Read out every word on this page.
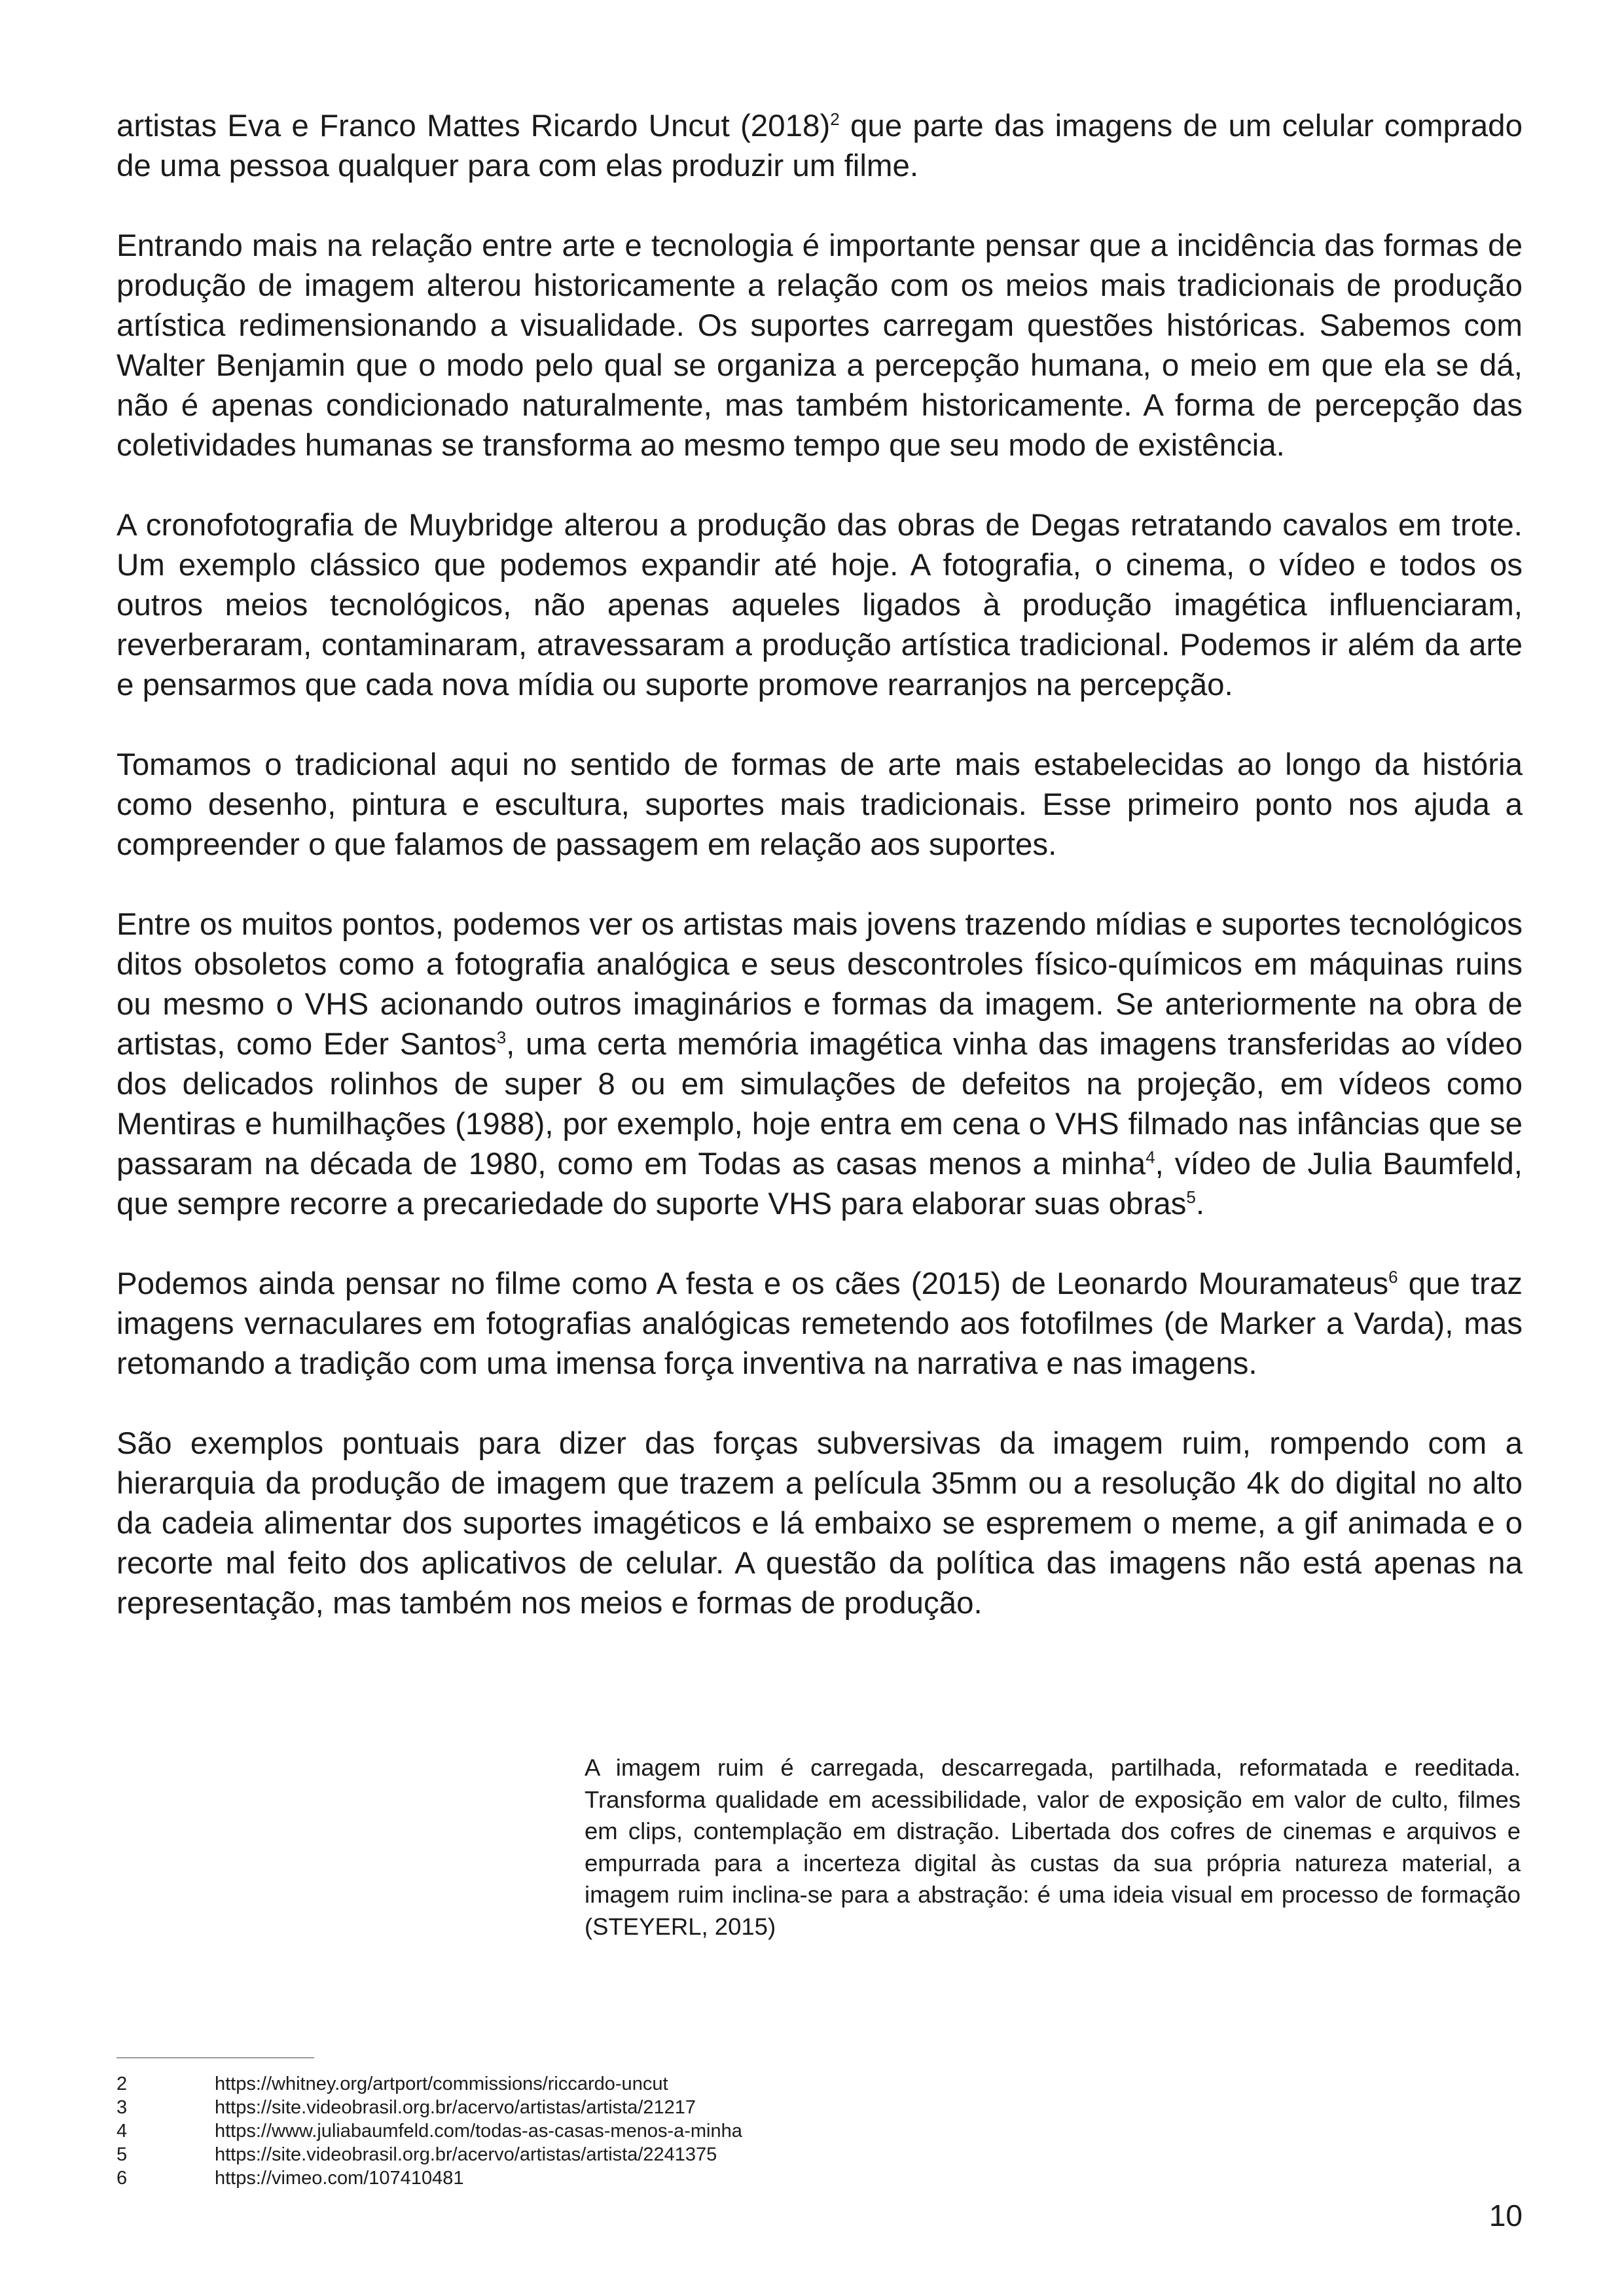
artistas Eva e Franco Mattes Ricardo Uncut $(2018)^2$ que parte das imagens de um celular comprado de uma pessoa qualquer para com elas produzir um filme.

Entrando mais na relação entre arte e tecnologia é importante pensar que a incidência das formas de produção de imagem alterou historicamente a relação com os meios mais tradicionais de produção artística redimensionando a visualidade. Os suportes carregam questões históricas. Sabemos com Walter Benjamin que o modo pelo qual se organiza a percepção humana, o meio em que ela se dá, não é apenas condicionado naturalmente, mas também historicamente. A forma de percepção das coletividades humanas se transforma ao mesmo tempo que seu modo de existência.

A cronofotografia de Muybridge alterou a produção das obras de Degas retratando cavalos em trote. Um exemplo clássico que podemos expandir até hoje. A fotografia, o cinema, o vídeo e todos os outros meios tecnológicos, não apenas aqueles ligados à produção imagética influenciaram, reverberaram, contaminaram, atravessaram a produção artística tradicional. Podemos ir além da arte e pensarmos que cada nova mídia ou suporte promove rearranjos na percepção.

Tomamos o tradicional aqui no sentido de formas de arte mais estabelecidas ao longo da história como desenho, pintura e escultura, suportes mais tradicionais. Esse primeiro ponto nos ajuda a compreender o que falamos de passagem em relação aos suportes.

Entre os muitos pontos, podemos ver os artistas mais jovens trazendo mídias e suportes tecnológicos ditos obsoletos como a fotografia analógica e seus descontroles físico-químicos em máquinas ruins ou mesmo o VHS acionando outros imaginários e formas da imagem. Se anteriormente na obra de artistas, como Eder Santos$^3$, uma certa memória imagética vinha das imagens transferidas ao vídeo dos delicados rolinhos de super 8 ou em simulações de defeitos na projeção, em vídeos como Mentiras e humilhações (1988), por exemplo, hoje entra em cena o VHS filmado nas infâncias que se passaram na década de 1980, como em Todas as casas menos a minha$^4$, vídeo de Julia Baumfeld, que sempre recorre a precariedade do suporte VHS para elaborar suas obras$^5$.

Podemos ainda pensar no filme como A festa e os cães (2015) de Leonardo Mouramateus$^6$ que traz imagens vernaculares em fotografias analógicas remetendo aos fotofilmes (de Marker a Varda), mas retomando a tradição com uma imensa força inventiva na narrativa e nas imagens.

São exemplos pontuais para dizer das forças subversivas da imagem ruim, rompendo com a hierarquia da produção de imagem que trazem a película 35mm ou a resolução 4k do digital no alto da cadeia alimentar dos suportes imagéticos e lá embaixo se espremem o meme, a gif animada e o recorte mal feito dos aplicativos de celular. A questão da política das imagens não está apenas na representação, mas também nos meios e formas de produção.

A imagem ruim é carregada, descarregada, partilhada, reformatada e reeditada. Transforma qualidade em acessibilidade, valor de exposição em valor de culto, filmes em clips, contemplação em distração. Libertada dos cofres de cinemas e arquivos e empurrada para a incerteza digital às custas da sua própria natureza material, a imagem ruim inclina-se para a abstração: é uma ideia visual em processo de formação (STEYERL, 2015)

2	https://whitney.org/artport/commissions/riccardo-uncut
3	https://site.videobrasil.org.br/acervo/artistas/artista/21217
4	https://www.juliabaumfeld.com/todas-as-casas-menos-a-minha
5	https://site.videobrasil.org.br/acervo/artistas/artista/2241375
6	https://vimeo.com/107410481
10
